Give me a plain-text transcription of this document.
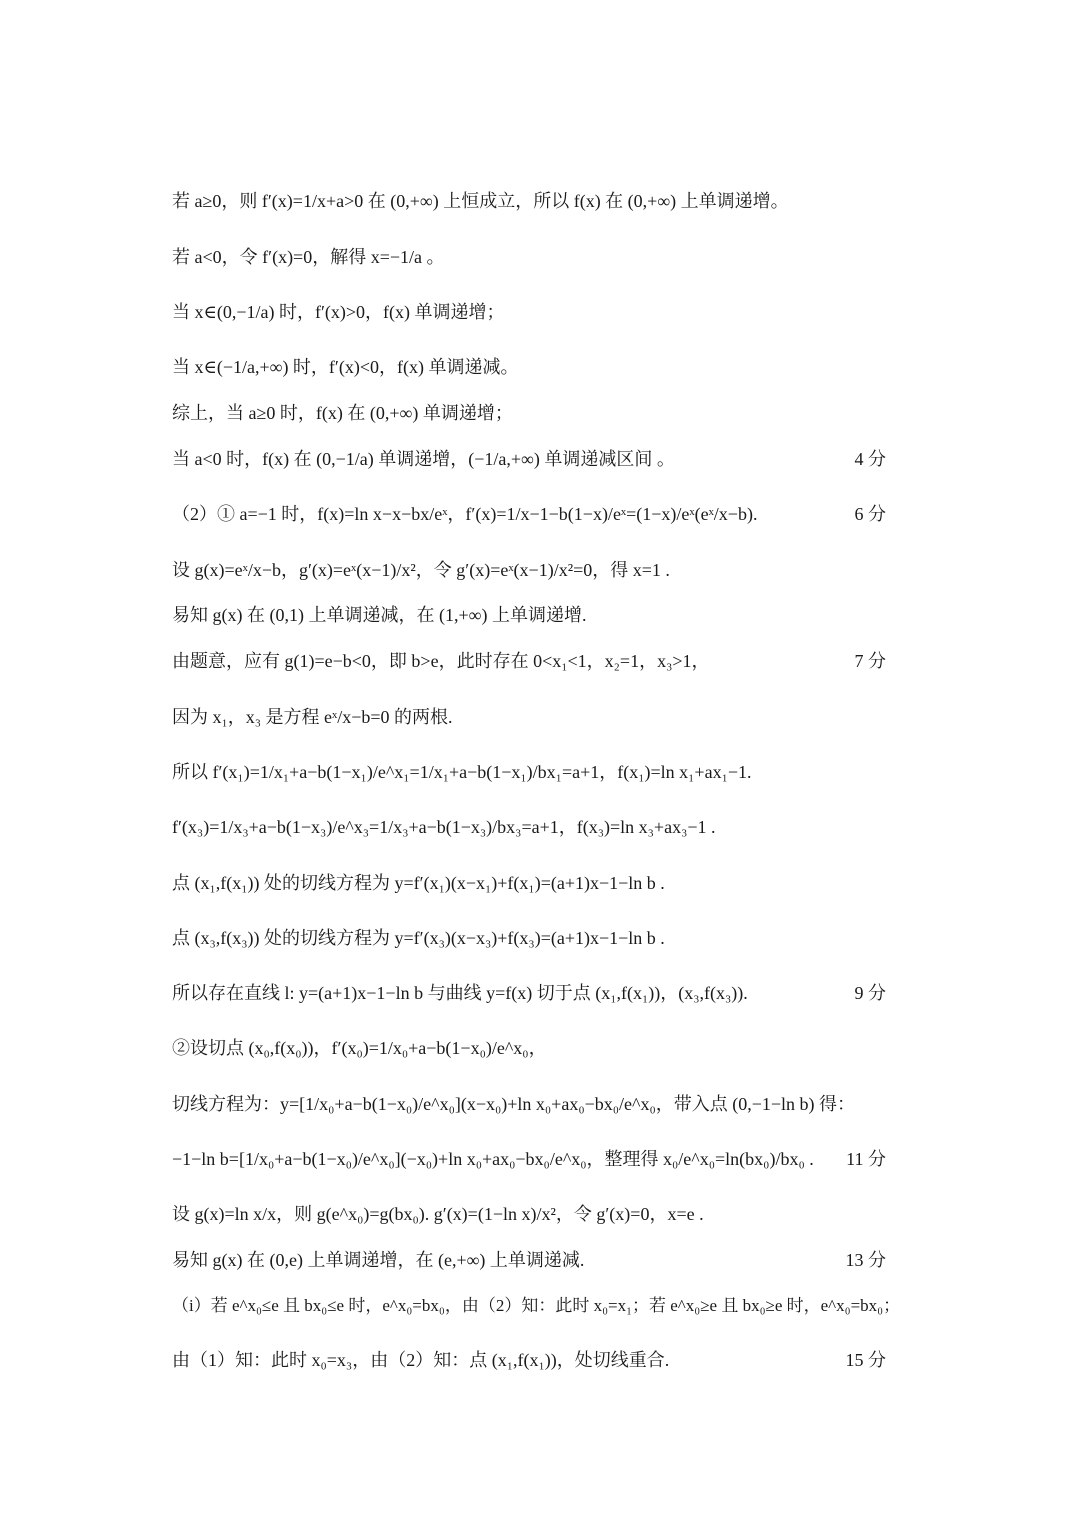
若 a≥0，则 f′(x)=1/x+a>0 在 (0,+∞) 上恒成立，所以 f(x) 在 (0,+∞) 上单调递增。
若 a<0，令 f′(x)=0，解得 x=−1/a 。
当 x∈(0,−1/a) 时，f′(x)>0，f(x) 单调递增；
当 x∈(−1/a,+∞) 时，f′(x)<0，f(x) 单调递减。
综上，当 a≥0 时，f(x) 在 (0,+∞) 单调递增；
当 a<0 时，f(x) 在 (0,−1/a) 单调递增，(−1/a,+∞) 单调递减区间 。	4 分
（2）① a=−1 时，f(x)=ln x−x−bx/eˣ，f′(x)=1/x−1−b(1−x)/eˣ=(1−x)/eˣ(eˣ/x−b).	6 分
设 g(x)=eˣ/x−b，g′(x)=eˣ(x−1)/x²，令 g′(x)=eˣ(x−1)/x²=0，得 x=1 .
易知 g(x) 在 (0,1) 上单调递减，在 (1,+∞) 上单调递增.
由题意，应有 g(1)=e−b<0，即 b>e，此时存在 0<x₁<1，x₂=1，x₃>1，	7 分
因为 x₁，x₃ 是方程 eˣ/x−b=0 的两根.
所以 f′(x₁)=1/x₁+a−b(1−x₁)/e^x₁=1/x₁+a−b(1−x₁)/bx₁=a+1，f(x₁)=ln x₁+ax₁−1.
f′(x₃)=1/x₃+a−b(1−x₃)/e^x₃=1/x₃+a−b(1−x₃)/bx₃=a+1，f(x₃)=ln x₃+ax₃−1 .
点 (x₁,f(x₁)) 处的切线方程为 y=f′(x₁)(x−x₁)+f(x₁)=(a+1)x−1−ln b .
点 (x₃,f(x₃)) 处的切线方程为 y=f′(x₃)(x−x₃)+f(x₃)=(a+1)x−1−ln b .
所以存在直线 l: y=(a+1)x−1−ln b 与曲线 y=f(x) 切于点 (x₁,f(x₁))，(x₃,f(x₃)).	9 分
②设切点 (x₀,f(x₀))，f′(x₀)=1/x₀+a−b(1−x₀)/e^x₀，
切线方程为：y=[1/x₀+a−b(1−x₀)/e^x₀](x−x₀)+ln x₀+ax₀−bx₀/e^x₀，带入点 (0,−1−ln b) 得：
−1−ln b=[1/x₀+a−b(1−x₀)/e^x₀](−x₀)+ln x₀+ax₀−bx₀/e^x₀，整理得 x₀/e^x₀=ln(bx₀)/bx₀ . 11 分
设 g(x)=ln x/x，则 g(e^x₀)=g(bx₀). g′(x)=(1−ln x)/x²，令 g′(x)=0，x=e .
易知 g(x) 在 (0,e) 上单调递增，在 (e,+∞) 上单调递减.	13 分
（i）若 e^x₀≤e 且 bx₀≤e 时，e^x₀=bx₀，由（2）知：此时 x₀=x₁；若 e^x₀≥e 且 bx₀≥e 时，e^x₀=bx₀；
由（1）知：此时 x₀=x₃，由（2）知：点 (x₁,f(x₁))，处切线重合.	15 分
